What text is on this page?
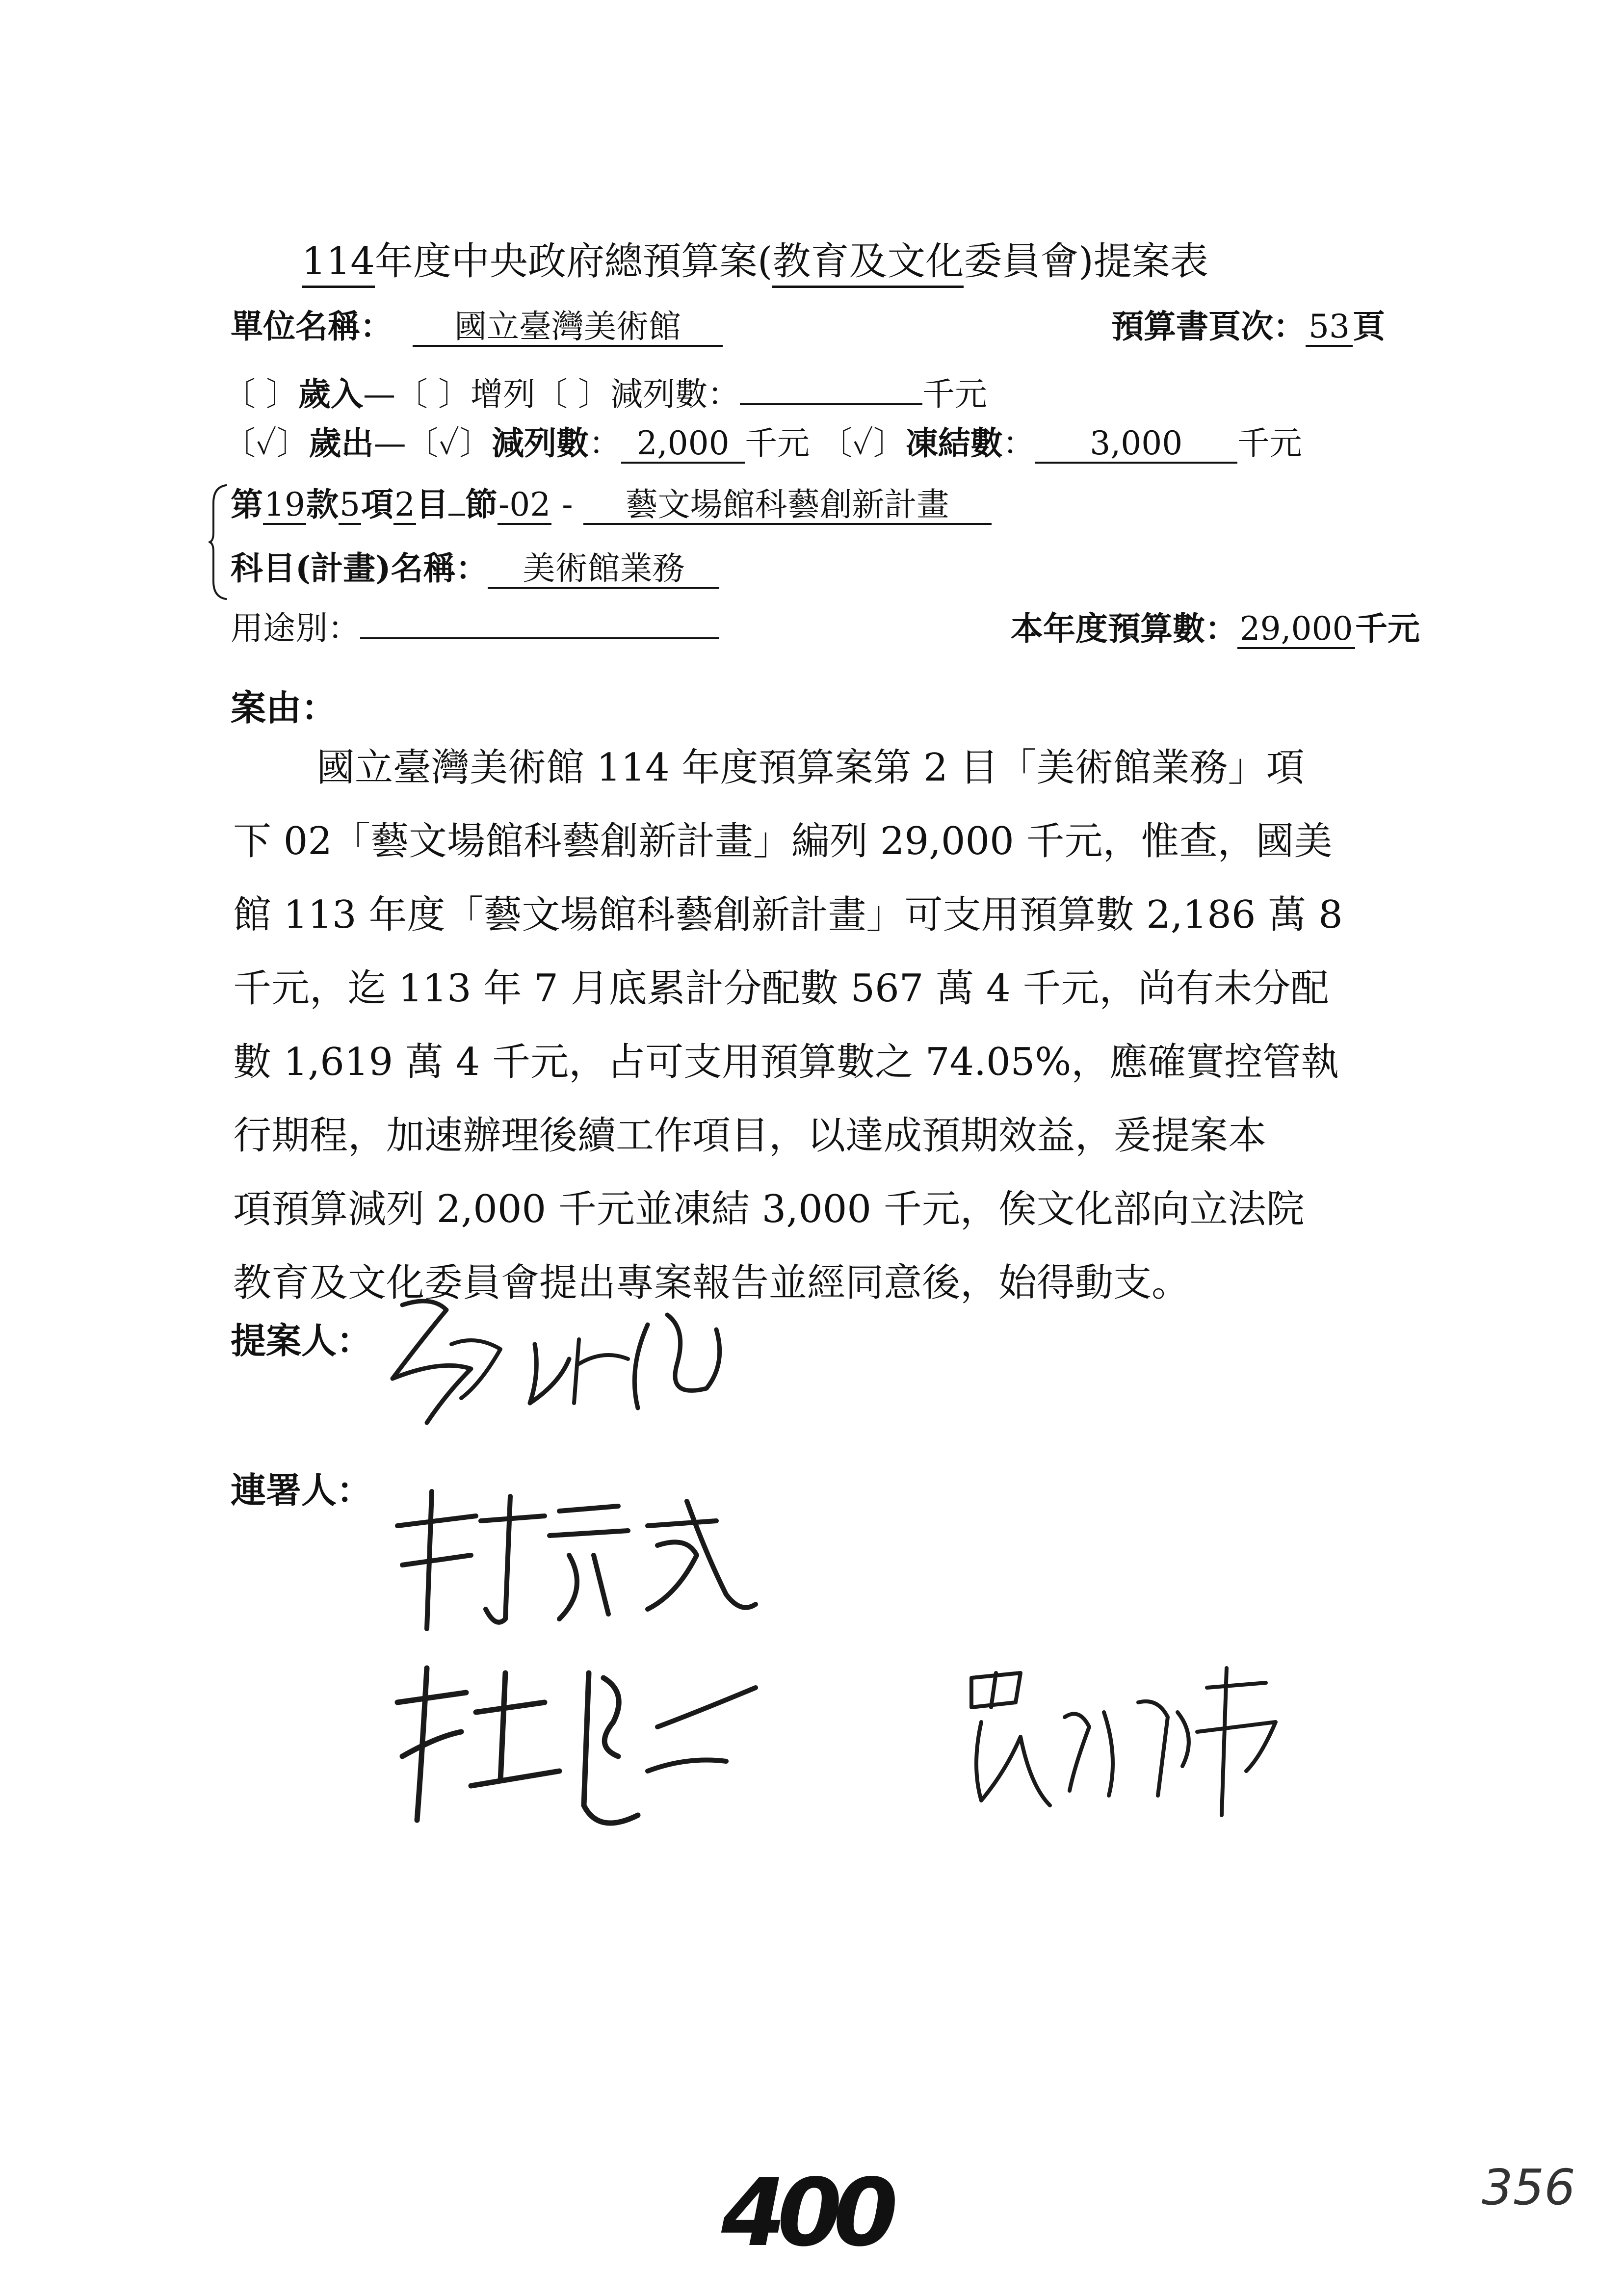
114年度中央政府總預算案(教育及文化委員會)提案表
單位名稱： 國立臺灣美術館	預算書頁次：53頁
〔 〕歲入—〔 〕增列〔 〕減列數：	千元
〔✓〕歲出—〔✓〕減列數： 2,000 千元 〔✓〕凍結數： 3,000 千元
第19款5項2目 節-02 - 藝文場館科藝創新計畫
科目(計畫)名稱： 美術館業務
用途別：	本年度預算數：29,000千元
案由：
國立臺灣美術館 114 年度預算案第 2 目「美術館業務」項
下 02「藝文場館科藝創新計畫」編列 29,000 千元，惟查，國美
館 113 年度「藝文場館科藝創新計畫」可支用預算數 2,186 萬 8
千元，迄 113 年 7 月底累計分配數 567 萬 4 千元，尚有未分配
數 1,619 萬 4 千元，占可支用預算數之 74.05%，應確實控管執
行期程，加速辦理後續工作項目，以達成預期效益，爰提案本
項預算減列 2,000 千元並凍結 3,000 千元，俟文化部向立法院
教育及文化委員會提出專案報告並經同意後，始得動支。
提案人：
連署人：
400	356
